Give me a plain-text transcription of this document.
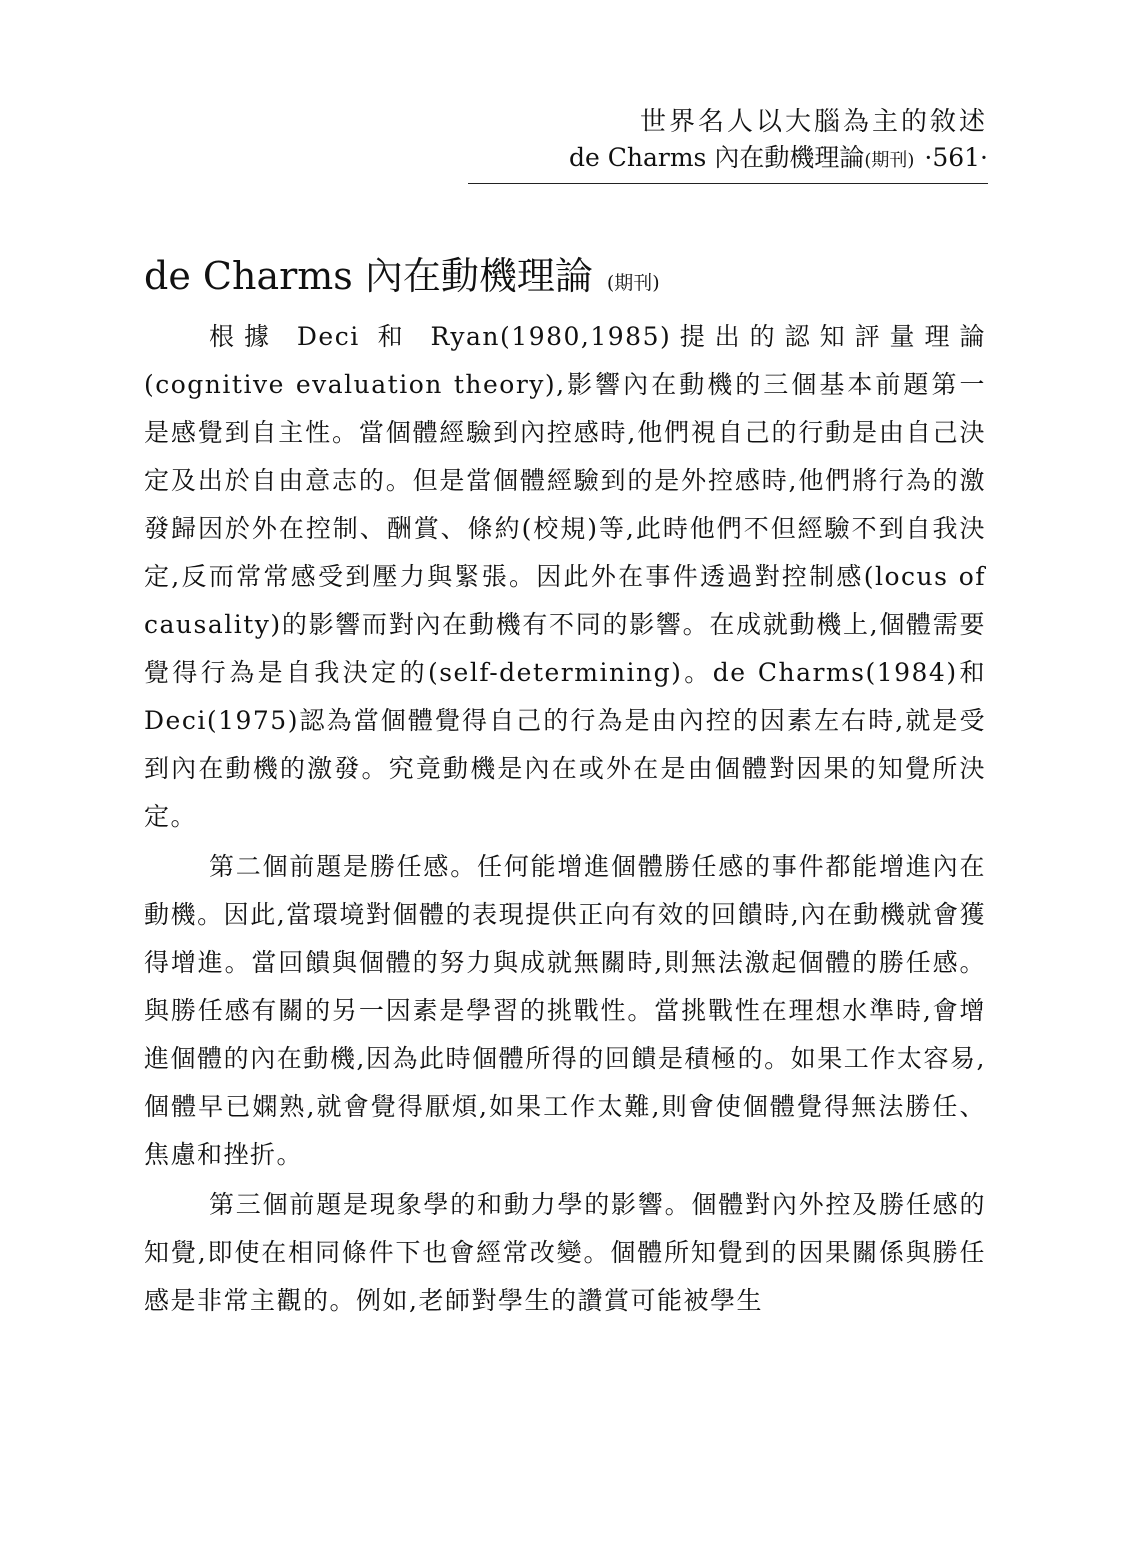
世界名人以大腦為主的敘述
de Charms 內在動機理論(期刊) ·561·
de Charms 內在動機理論 (期刊)

根據 Deci 和 Ryan(1980,1985)提出的認知評量理論(cognitive evaluation theory),影響內在動機的三個基本前題第一是感覺到自主性。當個體經驗到內控感時,他們視自己的行動是由自己決定及出於自由意志的。但是當個體經驗到的是外控感時,他們將行為的激發歸因於外在控制、酬賞、條約(校規)等,此時他們不但經驗不到自我決定,反而常常感受到壓力與緊張。因此外在事件透過對控制感(locus of causality)的影響而對內在動機有不同的影響。在成就動機上,個體需要覺得行為是自我決定的(self-determining)。de Charms(1984)和 Deci(1975)認為當個體覺得自己的行為是由內控的因素左右時,就是受到內在動機的激發。究竟動機是內在或外在是由個體對因果的知覺所決定。

第二個前題是勝任感。任何能增進個體勝任感的事件都能增進內在動機。因此,當環境對個體的表現提供正向有效的回饋時,內在動機就會獲得增進。當回饋與個體的努力與成就無關時,則無法激起個體的勝任感。與勝任感有關的另一因素是學習的挑戰性。當挑戰性在理想水準時,會增進個體的內在動機,因為此時個體所得的回饋是積極的。如果工作太容易,個體早已嫻熟,就會覺得厭煩,如果工作太難,則會使個體覺得無法勝任、焦慮和挫折。

第三個前題是現象學的和動力學的影響。個體對內外控及勝任感的知覺,即使在相同條件下也會經常改變。個體所知覺到的因果關係與勝任感是非常主觀的。例如,老師對學生的讚賞可能被學生
